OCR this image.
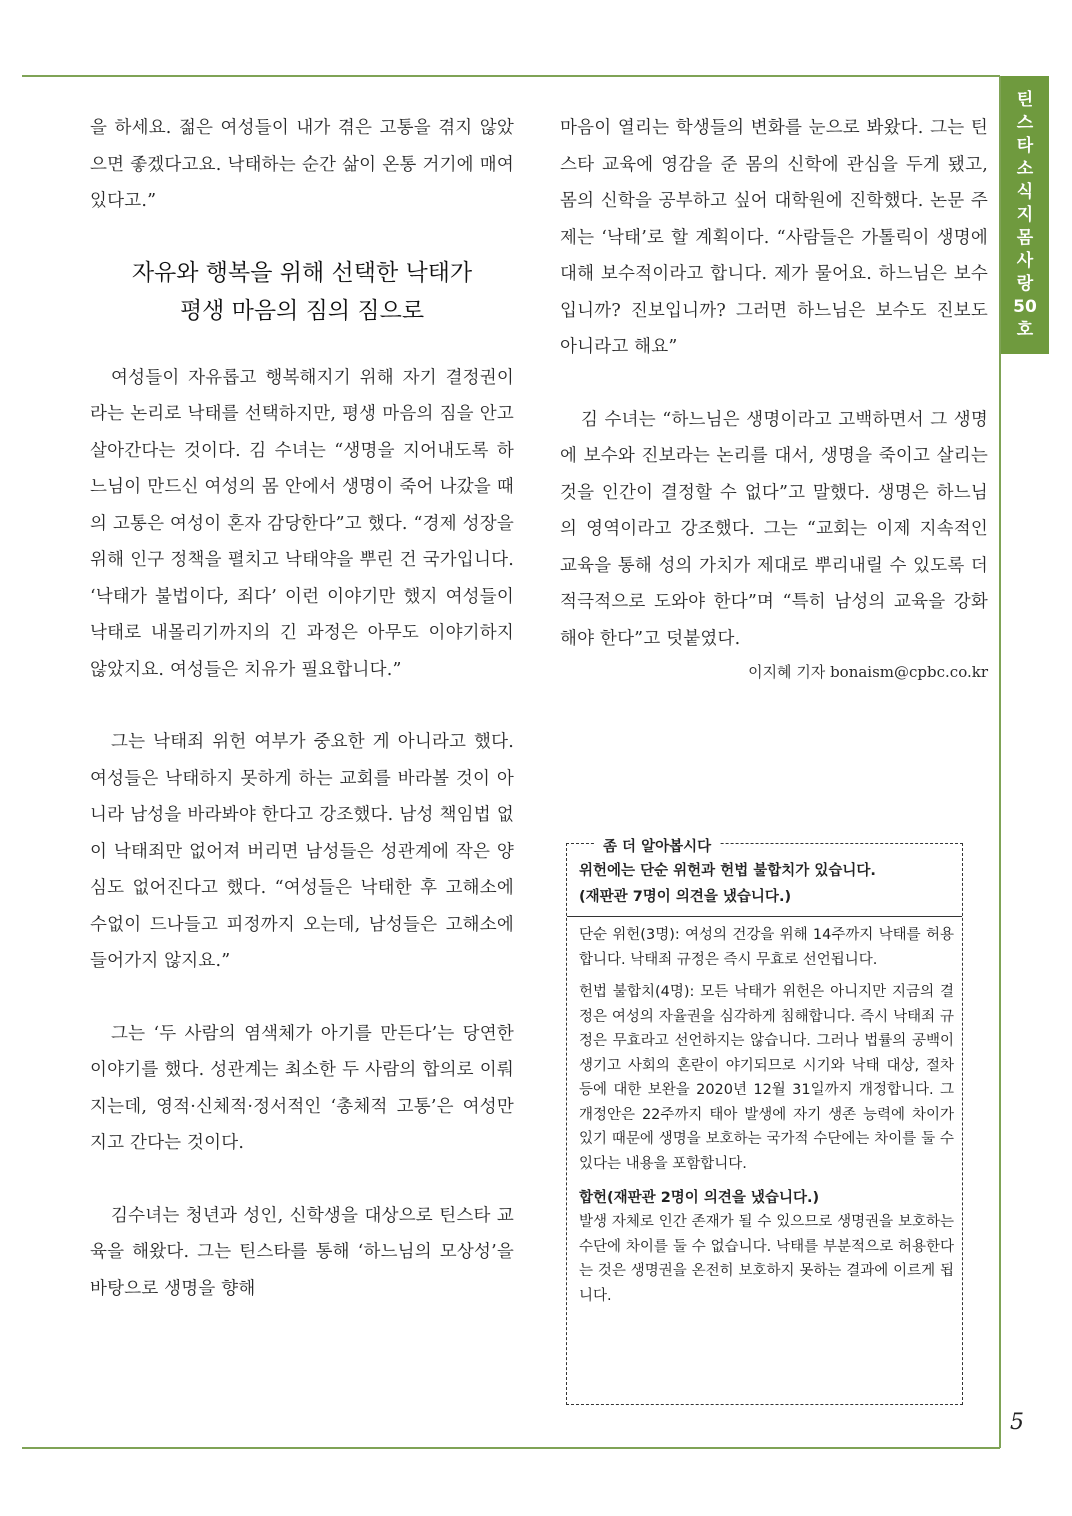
틴
스
타
소
식
지
몸
사
랑
50
호
5

을 하세요. 젊은 여성들이 내가 겪은 고통을 겪지 않았으면 좋겠다고요. 낙태하는 순간 삶이 온통 거기에 매여 있다고.”

자유와 행복을 위해 선택한 낙태가
평생 마음의 짐의 짐으로

여성들이 자유롭고 행복해지기 위해 자기 결정권이라는 논리로 낙태를 선택하지만, 평생 마음의 짐을 안고 살아간다는 것이다. 김 수녀는 “생명을 지어내도록 하느님이 만드신 여성의 몸 안에서 생명이 죽어 나갔을 때의 고통은 여성이 혼자 감당한다”고 했다. “경제 성장을 위해 인구 정책을 펼치고 낙태약을 뿌린 건 국가입니다. ‘낙태가 불법이다, 죄다’ 이런 이야기만 했지 여성들이 낙태로 내몰리기까지의 긴 과정은 아무도 이야기하지 않았지요. 여성들은 치유가 필요합니다.”

그는 낙태죄 위헌 여부가 중요한 게 아니라고 했다. 여성들은 낙태하지 못하게 하는 교회를 바라볼 것이 아니라 남성을 바라봐야 한다고 강조했다. 남성 책임법 없이 낙태죄만 없어져 버리면 남성들은 성관계에 작은 양심도 없어진다고 했다. “여성들은 낙태한 후 고해소에 수없이 드나들고 피정까지 오는데, 남성들은 고해소에 들어가지 않지요.”

그는 ‘두 사람의 염색체가 아기를 만든다’는 당연한 이야기를 했다. 성관계는 최소한 두 사람의 합의로 이뤄지는데, 영적·신체적·정서적인 ‘총체적 고통’은 여성만 지고 간다는 것이다.

김수녀는 청년과 성인, 신학생을 대상으로 틴스타 교육을 해왔다. 그는 틴스타를 통해 ‘하느님의 모상성’을 바탕으로 생명을 향해

마음이 열리는 학생들의 변화를 눈으로 봐왔다. 그는 틴스타 교육에 영감을 준 몸의 신학에 관심을 두게 됐고, 몸의 신학을 공부하고 싶어 대학원에 진학했다. 논문 주제는 ‘낙태’로 할 계획이다. “사람들은 가톨릭이 생명에 대해 보수적이라고 합니다. 제가 물어요. 하느님은 보수입니까? 진보입니까? 그러면 하느님은 보수도 진보도 아니라고 해요”

김 수녀는 “하느님은 생명이라고 고백하면서 그 생명에 보수와 진보라는 논리를 대서, 생명을 죽이고 살리는 것을 인간이 결정할 수 없다”고 말했다. 생명은 하느님의 영역이라고 강조했다. 그는 “교회는 이제 지속적인 교육을 통해 성의 가치가 제대로 뿌리내릴 수 있도록 더 적극적으로 도와야 한다”며 “특히 남성의 교육을 강화해야 한다”고 덧붙였다.

이지혜 기자 bonaism@cpbc.co.kr
좀 더 알아봅시다
위헌에는 단순 위헌과 헌법 불합치가 있습니다.
(재판관 7명이 의견을 냈습니다.)

단순 위헌(3명): 여성의 건강을 위해 14주까지 낙태를 허용합니다. 낙태죄 규정은 즉시 무효로 선언됩니다.

헌법 불합치(4명): 모든 낙태가 위헌은 아니지만 지금의 결정은 여성의 자율권을 심각하게 침해합니다. 즉시 낙태죄 규정은 무효라고 선언하지는 않습니다. 그러나 법률의 공백이 생기고 사회의 혼란이 야기되므로 시기와 낙태 대상, 절차 등에 대한 보완을 2020년 12월 31일까지 개정합니다. 그 개정안은 22주까지 태아 발생에 자기 생존 능력에 차이가 있기 때문에 생명을 보호하는 국가적 수단에는 차이를 둘 수 있다는 내용을 포함합니다.

합헌(재판관 2명이 의견을 냈습니다.)

발생 자체로 인간 존재가 될 수 있으므로 생명권을 보호하는 수단에 차이를 둘 수 없습니다. 낙태를 부분적으로 허용한다는 것은 생명권을 온전히 보호하지 못하는 결과에 이르게 됩니다.
